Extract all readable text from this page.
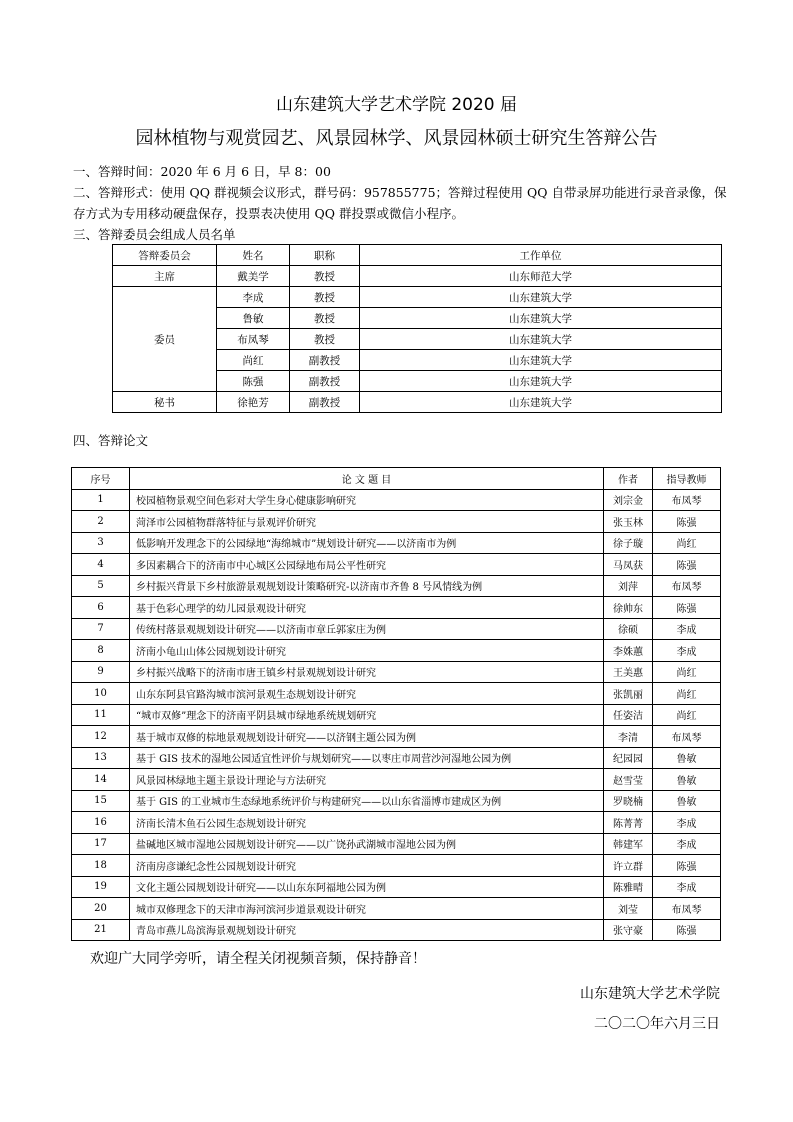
山东建筑大学艺术学院 2020 届
园林植物与观赏园艺、风景园林学、风景园林硕士研究生答辩公告
一、答辩时间：2020 年 6 月 6 日，早 8：00
二、答辩形式：使用 QQ 群视频会议形式，群号码：957855775；答辩过程使用 QQ 自带录屏功能进行录音录像，保存方式为专用移动硬盘保存，投票表决使用 QQ 群投票或微信小程序。
三、答辩委员会组成人员名单
答辩委员会	姓名	职称	工作单位
主席	戴美学	教授	山东师范大学
委员	李成	教授	山东建筑大学
	鲁敏	教授	山东建筑大学
	布凤琴	教授	山东建筑大学
	尚红	副教授	山东建筑大学
	陈强	副教授	山东建筑大学
秘书	徐艳芳	副教授	山东建筑大学
四、答辩论文
序号	论 文 题 目	作者	指导教师
1	校园植物景观空间色彩对大学生身心健康影响研究	刘宗金	布凤琴
2	菏泽市公园植物群落特征与景观评价研究	张玉林	陈强
3	低影响开发理念下的公园绿地“海绵城市”规划设计研究——以济南市为例	徐子璇	尚红
4	多因素耦合下的济南市中心城区公园绿地布局公平性研究	马凤获	陈强
5	乡村振兴背景下乡村旅游景观规划设计策略研究-以济南市齐鲁 8 号风情线为例	刘萍	布凤琴
6	基于色彩心理学的幼儿园景观设计研究	徐帅东	陈强
7	传统村落景观规划设计研究——以济南市章丘郭家庄为例	徐硕	李成
8	济南小龟山山体公园规划设计研究	李姝蕙	李成
9	乡村振兴战略下的济南市唐王镇乡村景观规划设计研究	王美惠	尚红
10	山东东阿县官路沟城市滨河景观生态规划设计研究	张凯丽	尚红
11	“城市双修”理念下的济南平阴县城市绿地系统规划研究	任姿洁	尚红
12	基于城市双修的棕地景观规划设计研究——以济钢主题公园为例	李清	布凤琴
13	基于 GIS 技术的湿地公园适宜性评价与规划研究——以枣庄市周营沙河湿地公园为例	纪园园	鲁敏
14	风景园林绿地主题主景设计理论与方法研究	赵雪莹	鲁敏
15	基于 GIS 的工业城市生态绿地系统评价与构建研究——以山东省淄博市建成区为例	罗晓楠	鲁敏
16	济南长清木鱼石公园生态规划设计研究	陈菁菁	李成
17	盐碱地区城市湿地公园规划设计研究——以广饶孙武湖城市湿地公园为例	韩建军	李成
18	济南房彦谦纪念性公园规划设计研究	许立群	陈强
19	文化主题公园规划设计研究——以山东东阿福地公园为例	陈雅晴	李成
20	城市双修理念下的天津市海河滨河步道景观设计研究	刘莹	布凤琴
21	青岛市燕儿岛滨海景观规划设计研究	张守豪	陈强
欢迎广大同学旁听，请全程关闭视频音频，保持静音！
山东建筑大学艺术学院
二〇二〇年六月三日
